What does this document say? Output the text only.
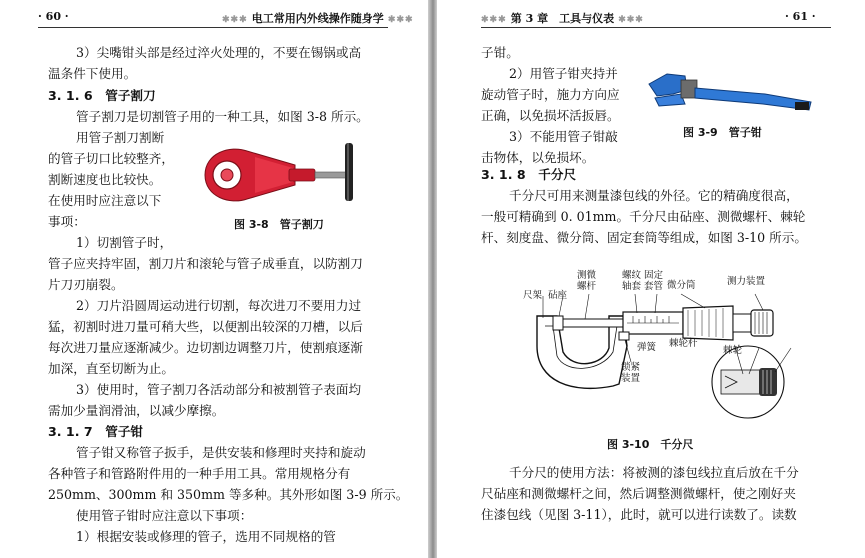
· 60 ·	✱✱✱ 电工常用内外线操作随身学 ✱✱✱
3）尖嘴钳头部是经过淬火处理的，不要在锡锅或高
温条件下使用。
3. 1. 6　管子割刀
管子割刀是切割管子用的一种工具，如图 3-8 所示。
用管子割刀割断
的管子切口比较整齐，
割断速度也比较快。
在使用时应注意以下
事项：
1）切割管子时，
管子应夹持牢固，割刀片和滚轮与管子成垂直，以防割刀
片刀刃崩裂。
2）刀片沿圆周运动进行切割，每次进刀不要用力过
猛，初割时进刀量可稍大些，以便割出较深的刀槽，以后
每次进刀量应逐渐减少。边切割边调整刀片，使割痕逐渐
加深，直至切断为止。
3）使用时，管子割刀各活动部分和被割管子表面均
需加少量润滑油，以减少摩擦。
3. 1. 7　管子钳
管子钳又称管子扳手，是供安装和修理时夹持和旋动
各种管子和管路附件用的一种手用工具。常用规格分有
250mm、300mm 和 350mm 等多种。其外形如图 3-9 所示。
使用管子钳时应注意以下事项：
1）根据安装或修理的管子，选用不同规格的管
图 3-8　管子割刀
✱✱✱ 第 3 章　工具与仪表 ✱✱✱	· 61 ·
子钳。
2）用管子钳夹持并
旋动管子时，施力方向应
正确，以免损坏活扳唇。
3）不能用管子钳敲
击物体，以免损坏。
3. 1. 8　千分尺
千分尺可用来测量漆包线的外径。它的精确度很高，
一般可精确到 0. 01mm。千分尺由砧座、测微螺杆、棘轮
杆、刻度盘、微分筒、固定套筒等组成，如图 3-10 所示。
图 3-9　管子钳
尺架 砧座
测微
螺杆
螺纹
轴套
固定
套管 微分筒	测力装置
弹簧 棘轮杆
棘轮
锁紧
装置
图 3-10　千分尺
千分尺的使用方法：将被测的漆包线拉直后放在千分
尺砧座和测微螺杆之间，然后调整测微螺杆，使之刚好夹
住漆包线（见图 3-11），此时，就可以进行读数了。读数
